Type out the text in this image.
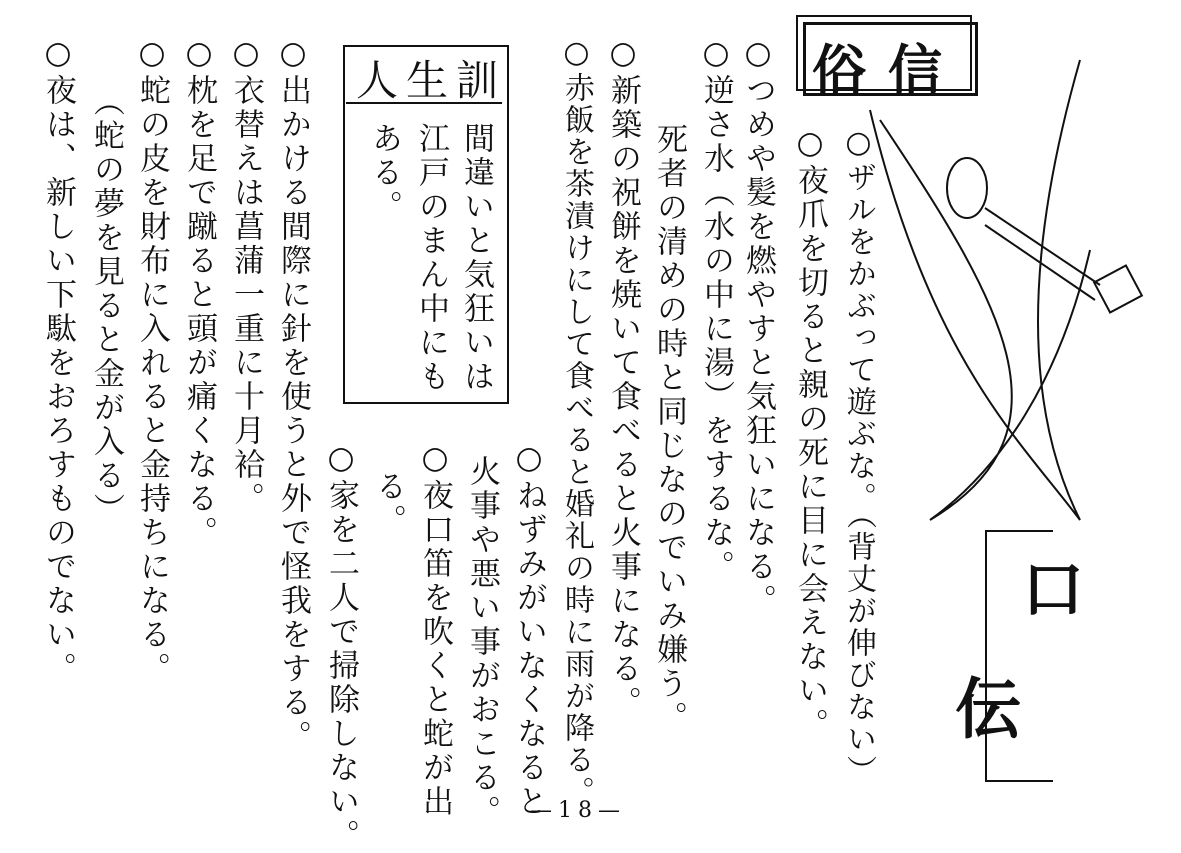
俗信
人生訓
口
伝
○ザルをかぶって遊ぶな。（背丈が伸びない）
○夜爪を切ると親の死に目に会えない。
○つめや髪を燃やすと気狂いになる。
○逆さ水（水の中に湯）をするな。
死者の清めの時と同じなのでいみ嫌う。
○新築の祝餅を焼いて食べると火事になる。
○赤飯を茶漬けにして食べると婚礼の時に雨が降る。
○ねずみがいなくなると
火事や悪い事がおこる。
○夜口笛を吹くと蛇が出
る。
○家を二人で掃除しない。
○出かける間際に針を使うと外で怪我をする。
○衣替えは菖蒲一重に十月袷。
○枕を足で蹴ると頭が痛くなる。
○蛇の皮を財布に入れると金持ちになる。
（蛇の夢を見ると金が入る）
○夜は、新しい下駄をおろすものでない。	間違いと気狂いは
江戸のまん中にも
ある。
—18—
